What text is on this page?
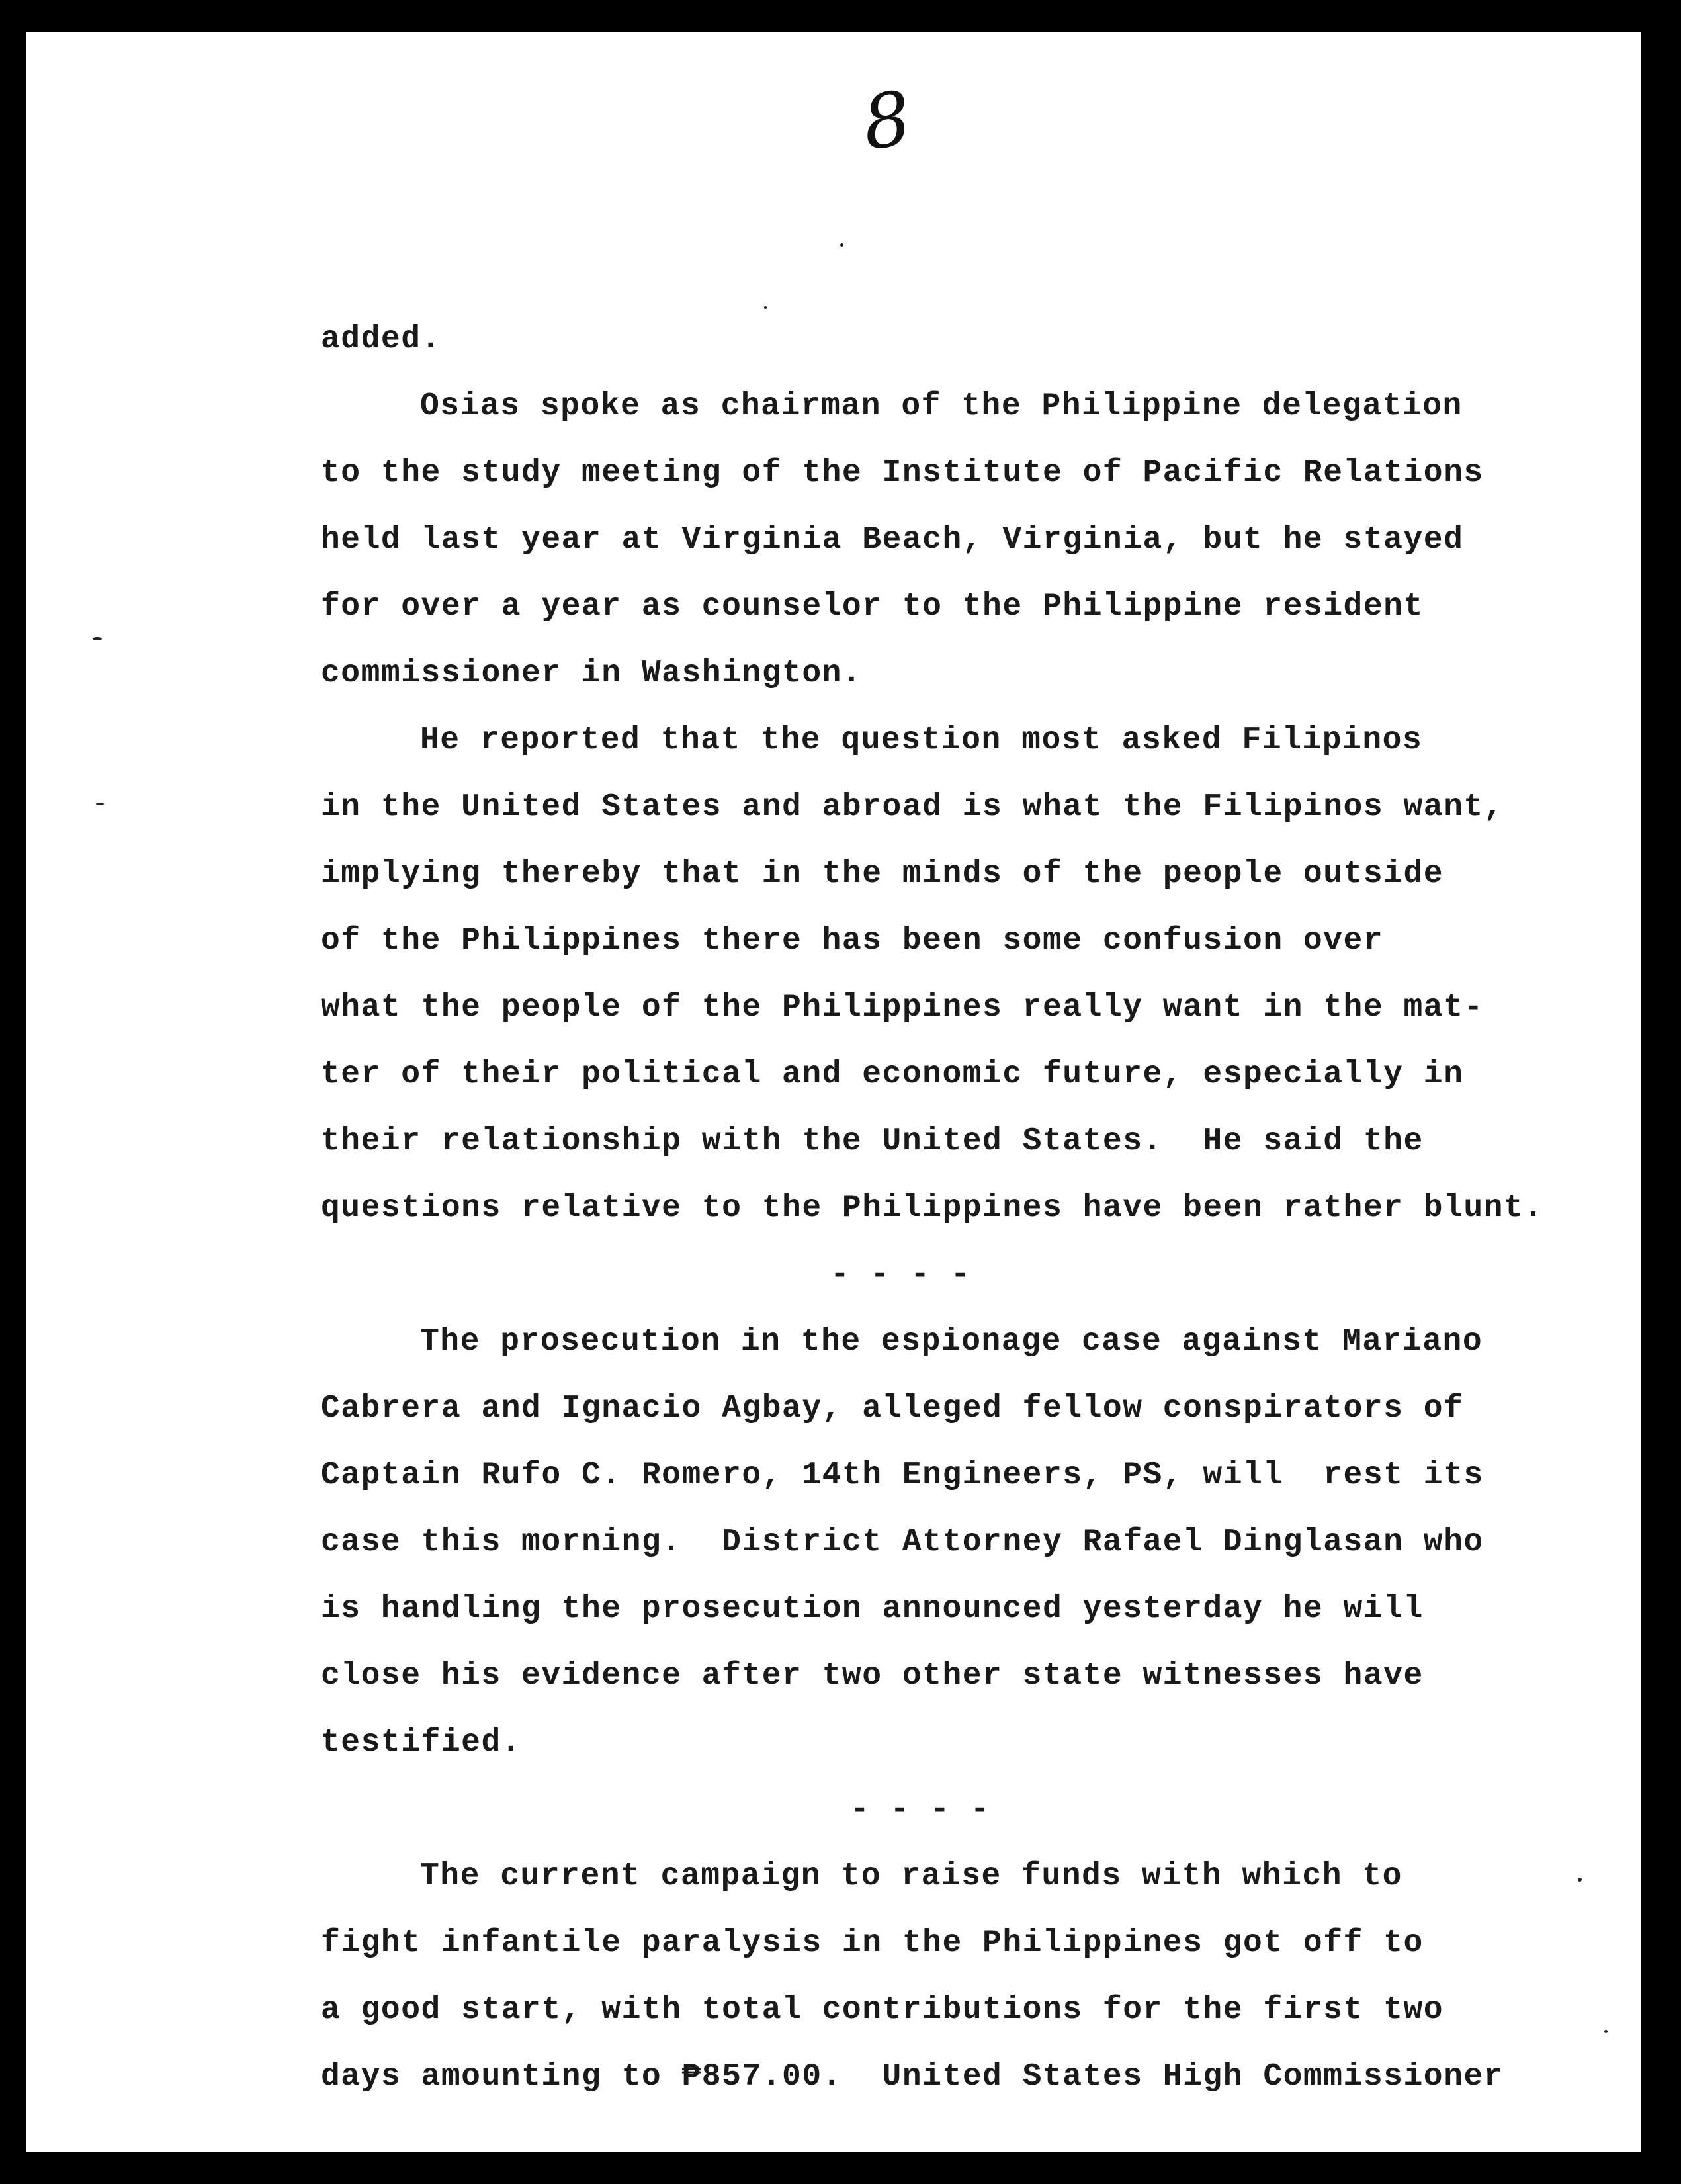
8
added.
Osias spoke as chairman of the Philippine delegation
to the study meeting of the Institute of Pacific Relations
held last year at Virginia Beach, Virginia, but he stayed
for over a year as counselor to the Philippine resident
commissioner in Washington.
He reported that the question most asked Filipinos
in the United States and abroad is what the Filipinos want,
implying thereby that in the minds of the people outside
of the Philippines there has been some confusion over
what the people of the Philippines really want in the mat-
ter of their political and economic future, especially in
their relationship with the United States.  He said the
questions relative to the Philippines have been rather blunt.
- - - -
The prosecution in the espionage case against Mariano
Cabrera and Ignacio Agbay, alleged fellow conspirators of
Captain Rufo C. Romero, 14th Engineers, PS, will  rest its
case this morning.  District Attorney Rafael Dinglasan who
is handling the prosecution announced yesterday he will
close his evidence after two other state witnesses have
testified.
- - - -
The current campaign to raise funds with which to
fight infantile paralysis in the Philippines got off to
a good start, with total contributions for the first two
days amounting to ₱857.00.  United States High Commissioner
